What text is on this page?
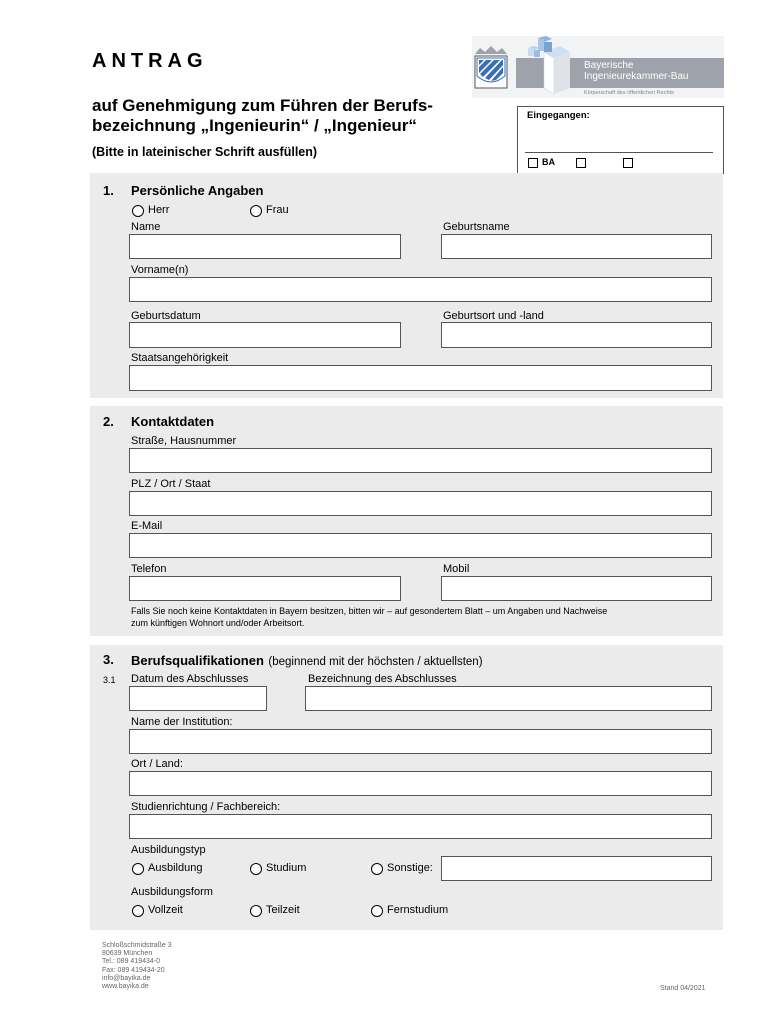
ANTRAG
auf Genehmigung zum Führen der Berufs-
bezeichnung „Ingenieurin“ / „Ingenieur“
(Bitte in lateinischer Schrift ausfüllen)
Bayerische
Ingenieurekammer-Bau
Körperschaft des öffentlichen Rechts
Eingegangen:
BA
1. Persönliche Angaben
Herr	Frau
Name	Geburtsname
Vorname(n)
Geburtsdatum	Geburtsort und -land
Staatsangehörigkeit
2. Kontaktdaten
Straße, Hausnummer
PLZ / Ort / Staat
E-Mail
Telefon	Mobil
Falls Sie noch keine Kontaktdaten in Bayern besitzen, bitten wir – auf gesondertem Blatt – um Angaben und Nachweise
zum künftigen Wohnort und/oder Arbeitsort.
3. Berufsqualifikationen (beginnend mit der höchsten / aktuellsten)
3.1 Datum des Abschlusses	Bezeichnung des Abschlusses
Name der Institution:
Ort / Land:
Studienrichtung / Fachbereich:
Ausbildungstyp
Ausbildung	Studium	Sonstige:
Ausbildungsform
Vollzeit	Teilzeit	Fernstudium
Schloßschmidstraße 3
80639 München
Tel.: 089 419434-0
Fax: 089 419434-20
info@bayika.de
www.bayika.de	Stand 04/2021
